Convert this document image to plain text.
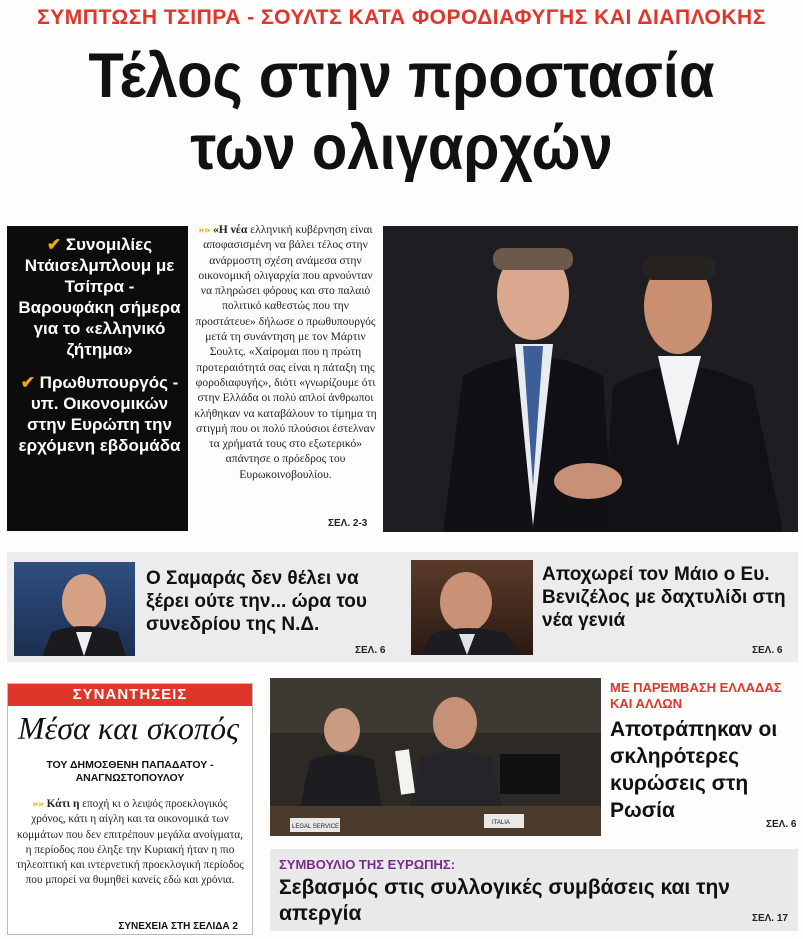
ΣΥΜΠΤΩΣΗ ΤΣΙΠΡΑ - ΣΟΥΛΤΣ ΚΑΤΑ ΦΟΡΟΔΙΑΦΥΓΗΣ ΚΑΙ ΔΙΑΠΛΟΚΗΣ
Τέλος στην προστασία
των ολιγαρχών
✔ Συνομιλίες Ντάισελμπλουμ με Τσίπρα - Βαρουφάκη σήμερα για το «ελληνικό ζήτημα»
✔ Πρωθυπουργός - υπ. Οικονομικών στην Ευρώπη την ερχόμενη εβδομάδα
»» «Η νέα ελληνική κυβέρνηση είναι αποφασισμένη να βάλει τέλος στην ανάρμοστη σχέση ανάμεσα στην οικονομική ολιγαρχία που αρνούνταν να πληρώσει φόρους και στο παλαιό πολιτικό καθεστώς που την προστάτευε» δήλωσε ο πρωθυπουργός μετά τη συνάντηση με τον Μάρτιν Σουλτς. «Χαίρομαι που η πρώτη προτεραιότητά σας είναι η πάταξη της φοροδιαφυγής», διότι «γνωρίζουμε ότι στην Ελλάδα οι πολύ απλοί άνθρωποι κλήθηκαν να καταβάλουν το τίμημα τη στιγμή που οι πολύ πλούσιοι έστελναν τα χρήματά τους στο εξωτερικό» απάντησε ο πρόεδρος του Ευρωκοινοβουλίου.
ΣΕΛ. 2-3
Ο Σαμαράς δεν θέλει να ξέρει ούτε την... ώρα του συνεδρίου της Ν.Δ.
ΣΕΛ. 6
Αποχωρεί τον Μάιο ο Ευ. Βενιζέλος με δαχτυλίδι στη νέα γενιά
ΣΕΛ. 6
ΣΥΝΑΝΤΗΣΕΙΣ
Μέσα και σκοπός
ΤΟΥ ΔΗΜΟΣΘΕΝΗ ΠΑΠΑΔΑΤΟΥ - ΑΝΑΓΝΩΣΤΟΠΟΥΛΟΥ
»» Κάτι η εποχή κι ο λειψός προεκλογικός χρόνος, κάτι η αίγλη και τα οικονομικά των κομμάτων που δεν επιτρέπουν μεγάλα ανοίγματα, η περίοδος που έληξε την Κυριακή ήταν η πιο τηλεοπτική και ιντερνετική προεκλογική περίοδος που μπορεί να θυμηθεί κανείς εδώ και χρόνια.
ΣΥΝΕΧΕΙΑ ΣΤΗ ΣΕΛΙΔΑ 2
LEGAL SERVICE
ITALIA
ΜΕ ΠΑΡΕΜΒΑΣΗ ΕΛΛΑΔΑΣ ΚΑΙ ΑΛΛΩΝ
Αποτράπηκαν οι σκληρότερες κυρώσεις στη Ρωσία
ΣΕΛ. 6
ΣΥΜΒΟΥΛΙΟ ΤΗΣ ΕΥΡΩΠΗΣ:
Σεβασμός στις συλλογικές συμβάσεις και την απεργία	ΣΕΛ. 17
